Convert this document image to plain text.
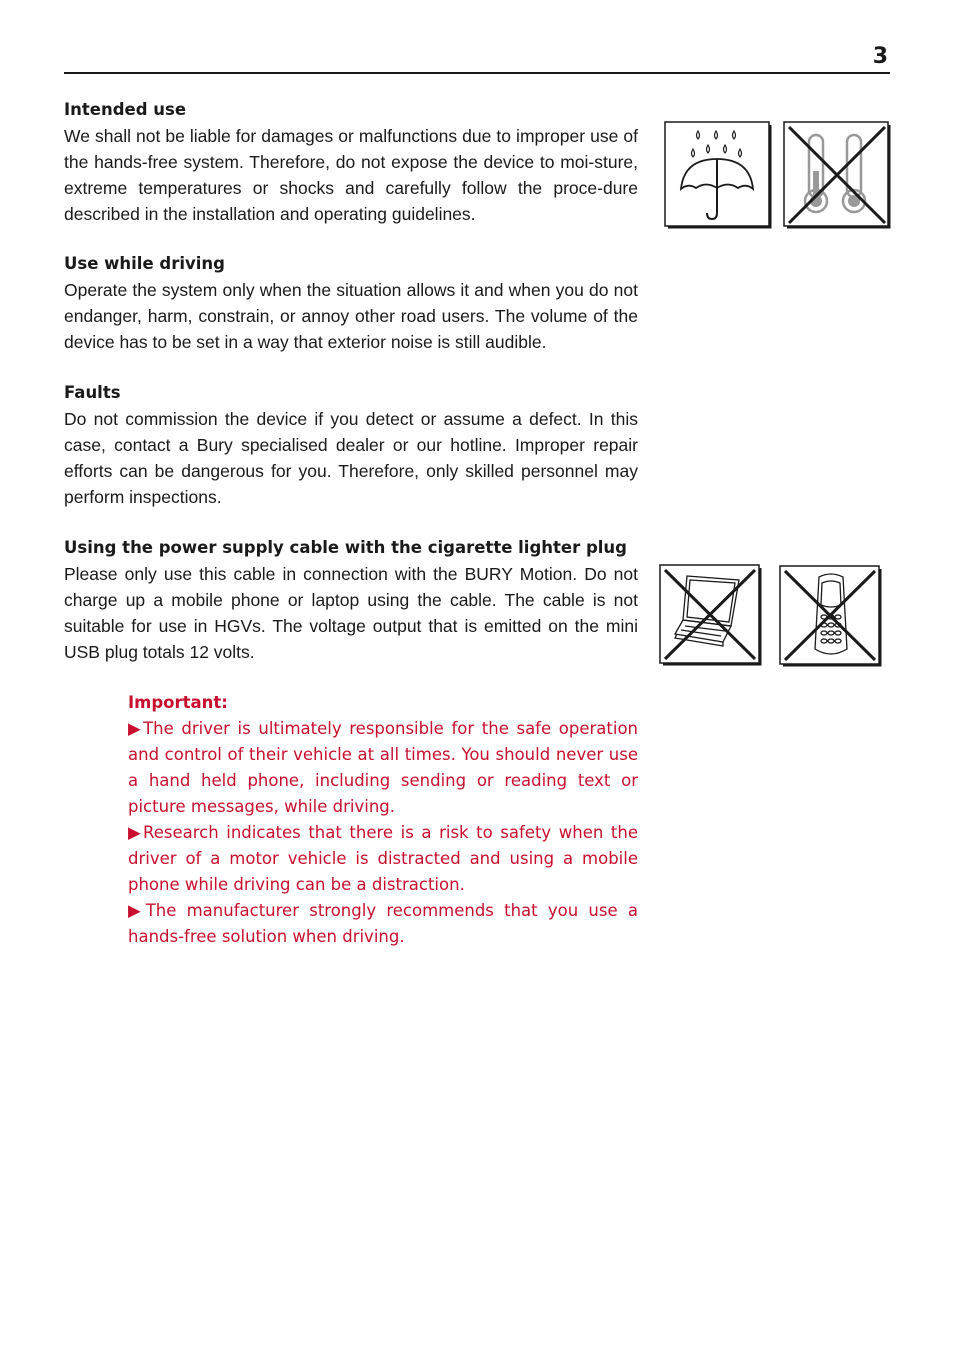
3
Intended use

We shall not be liable for damages or malfunctions due to improper use of the hands-free system. Therefore, do not expose the device to moi-sture, extreme temperatures or shocks and carefully follow the proce-dure described in the installation and operating guidelines.

Use while driving

Operate the system only when the situation allows it and when you do not endanger, harm, constrain, or annoy other road users. The volume of the device has to be set in a way that exterior noise is still audible.

Faults

Do not commission the device if you detect or assume a defect. In this case, contact a Bury specialised dealer or our hotline. Improper repair efforts can be dangerous for you. Therefore, only skilled personnel may perform inspections.

Using the power supply cable with the cigarette lighter plug

Please only use this cable in connection with the BURY Motion. Do not charge up a mobile phone or laptop using the cable. The cable is not suitable for use in HGVs. The voltage output that is emitted on the mini USB plug totals 12 volts.

Important:

▶The driver is ultimately responsible for the safe operation and control of their vehicle at all times. You should never use a hand held phone, including sending or reading text or picture messages, while driving.

▶Research indicates that there is a risk to safety when the driver of a motor vehicle is distracted and using a mobile phone while driving can be a distraction.

▶The manufacturer strongly recommends that you use a hands-free solution when driving.
